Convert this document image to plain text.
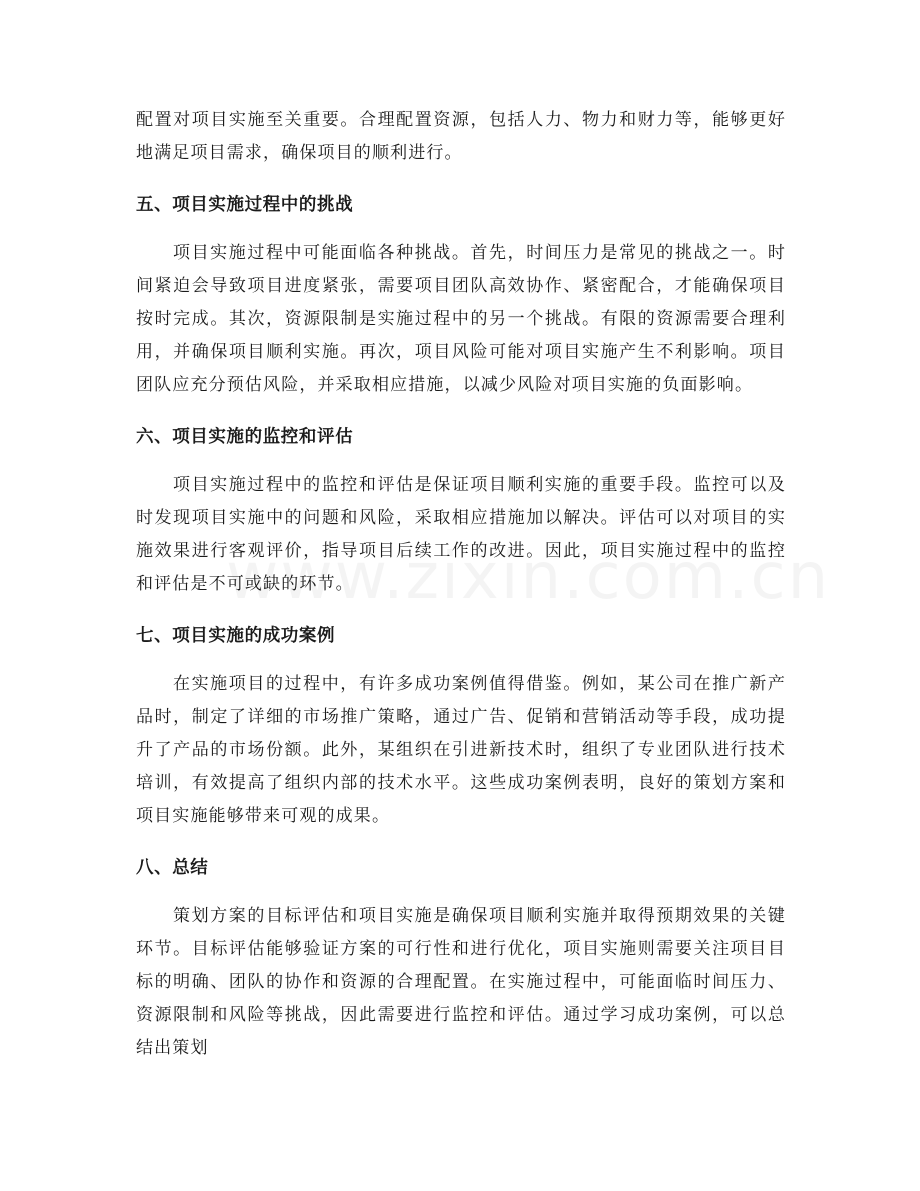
配置对项目实施至关重要。合理配置资源，包括人力、物力和财力等，能够更好地满足项目需求，确保项目的顺利进行。

五、项目实施过程中的挑战

项目实施过程中可能面临各种挑战。首先，时间压力是常见的挑战之一。时间紧迫会导致项目进度紧张，需要项目团队高效协作、紧密配合，才能确保项目按时完成。其次，资源限制是实施过程中的另一个挑战。有限的资源需要合理利用，并确保项目顺利实施。再次，项目风险可能对项目实施产生不利影响。项目团队应充分预估风险，并采取相应措施，以减少风险对项目实施的负面影响。

六、项目实施的监控和评估

项目实施过程中的监控和评估是保证项目顺利实施的重要手段。监控可以及时发现项目实施中的问题和风险，采取相应措施加以解决。评估可以对项目的实施效果进行客观评价，指导项目后续工作的改进。因此，项目实施过程中的监控和评估是不可或缺的环节。

七、项目实施的成功案例

在实施项目的过程中，有许多成功案例值得借鉴。例如，某公司在推广新产品时，制定了详细的市场推广策略，通过广告、促销和营销活动等手段，成功提升了产品的市场份额。此外，某组织在引进新技术时，组织了专业团队进行技术培训，有效提高了组织内部的技术水平。这些成功案例表明，良好的策划方案和项目实施能够带来可观的成果。

八、总结

策划方案的目标评估和项目实施是确保项目顺利实施并取得预期效果的关键环节。目标评估能够验证方案的可行性和进行优化，项目实施则需要关注项目目标的明确、团队的协作和资源的合理配置。在实施过程中，可能面临时间压力、资源限制和风险等挑战，因此需要进行监控和评估。通过学习成功案例，可以总结出策划
